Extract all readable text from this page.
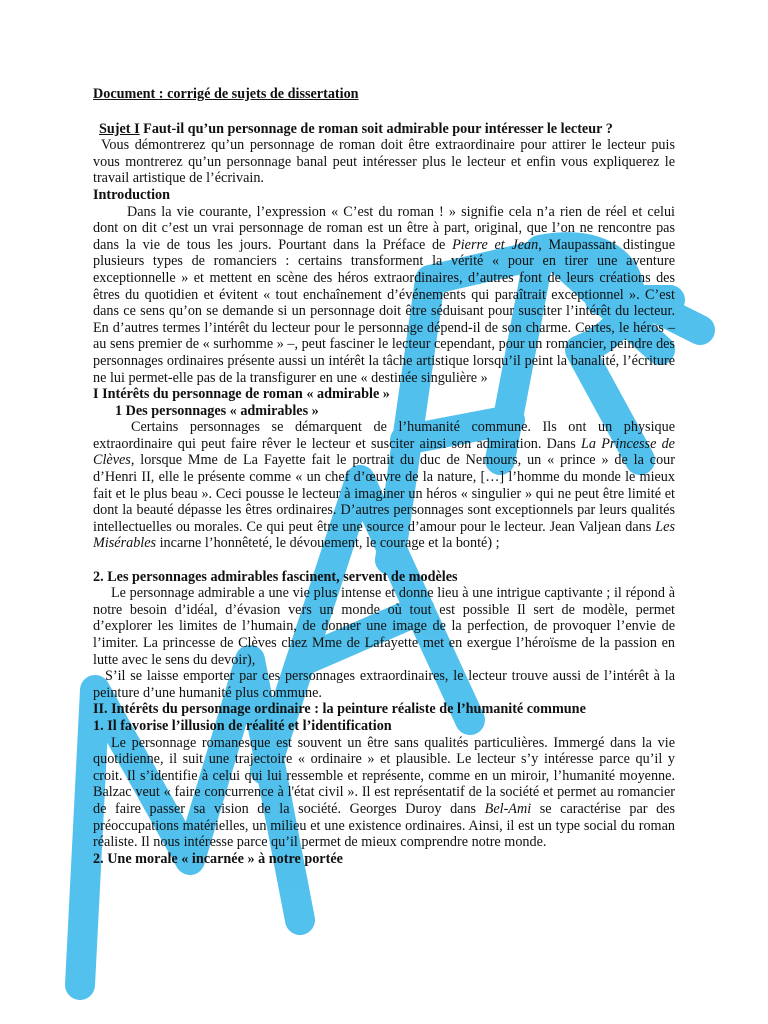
Document : corrigé de sujets de dissertation

Sujet I Faut-il qu’un personnage de roman soit admirable pour intéresser le lecteur ?

Vous démontrerez qu’un personnage de roman doit être extraordinaire pour attirer le lecteur puis vous montrerez qu’un personnage banal peut intéresser plus le lecteur et enfin vous expliquerez le travail artistique de l’écrivain.

Introduction

Dans la vie courante, l’expression « C’est du roman ! » signifie cela n’a rien de réel et celui dont on dit c’est un vrai personnage de roman est un être à part, original, que l’on ne rencontre pas dans la vie de tous les jours. Pourtant dans la Préface de Pierre et Jean, Maupassant distingue plusieurs types de romanciers : certains transforment la vérité « pour en tirer une aventure exceptionnelle » et mettent en scène des héros extraordinaires, d’autres font de leurs créations des êtres du quotidien et évitent « tout enchaînement d’événements qui paraîtrait exceptionnel ». C’est dans ce sens qu’on se demande si un personnage doit être séduisant pour susciter l’intérêt du lecteur. En d’autres termes l’intérêt du lecteur pour le personnage dépend-il de son charme. Certes, le héros – au sens premier de « surhomme » –, peut fasciner le lecteur cependant, pour un romancier, peindre des personnages ordinaires présente aussi un intérêt la tâche artistique lorsqu’il peint la banalité, l’écriture ne lui permet-elle pas de la transfigurer en une « destinée singulière »

I Intérêts du personnage de roman « admirable »

1 Des personnages « admirables »

Certains personnages se démarquent de l’humanité commune. Ils ont un physique extraordinaire qui peut faire rêver le lecteur et susciter ainsi son admiration. Dans La Princesse de Clèves, lorsque Mme de La Fayette fait le portrait du duc de Nemours, un « prince » de la cour d’Henri II, elle le présente comme « un chef d’œuvre de la nature, […] l’homme du monde le mieux fait et le plus beau ». Ceci pousse le lecteur à imaginer un héros « singulier » qui ne peut être limité et dont la beauté dépasse les êtres ordinaires. D’autres personnages sont exceptionnels par leurs qualités intellectuelles ou morales. Ce qui peut être une source d’amour pour le lecteur. Jean Valjean dans Les Misérables incarne l’honnêteté, le dévouement, le courage et la bonté) ;

2. Les personnages admirables fascinent, servent de modèles

Le personnage admirable a une vie plus intense et donne lieu à une intrigue captivante ; il répond à notre besoin d’idéal, d’évasion vers un monde où tout est possible Il sert de modèle, permet d’explorer les limites de l’humain, de donner une image de la perfection, de provoquer l’envie de l’imiter. La princesse de Clèves chez Mme de Lafayette met en exergue l’héroïsme de la passion en lutte avec le sens du devoir),

S’il se laisse emporter par ces personnages extraordinaires, le lecteur trouve aussi de l’intérêt à la peinture d’une humanité plus commune.

II. Intérêts du personnage ordinaire : la peinture réaliste de l’humanité commune

1. Il favorise l’illusion de réalité et l’identification

Le personnage romanesque est souvent un être sans qualités particulières. Immergé dans la vie quotidienne, il suit une trajectoire « ordinaire » et plausible. Le lecteur s’y intéresse parce qu’il y croit. Il s’identifie à celui qui lui ressemble et représente, comme en un miroir, l’humanité moyenne. Balzac veut « faire concurrence à l'état civil ». Il est représentatif de la société et permet au romancier de faire passer sa vision de la société. Georges Duroy dans Bel-Ami se caractérise par des préoccupations matérielles, un milieu et une existence ordinaires. Ainsi, il est un type social du roman réaliste. Il nous intéresse parce qu’il permet de mieux comprendre notre monde.

2. Une morale « incarnée » à notre portée
